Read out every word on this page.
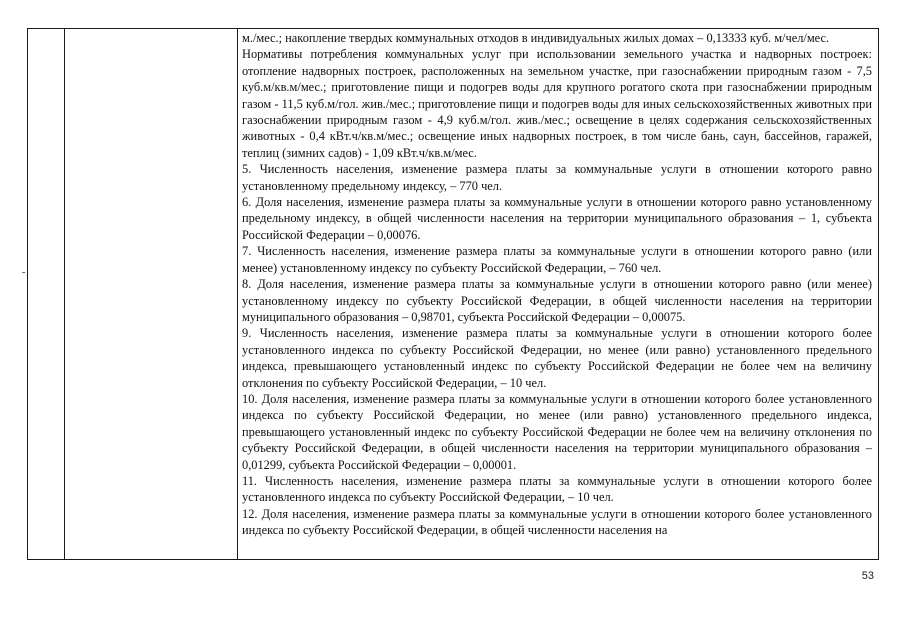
м./мес.; накопление твердых коммунальных отходов в индивидуальных жилых домах – 0,13333 куб. м/чел/мес.

Нормативы потребления коммунальных услуг при использовании земельного участка и надворных построек: отопление надворных построек, расположенных на земельном участке, при газоснабжении природным газом - 7,5 куб.м/кв.м/мес.; приготовление пищи и подогрев воды для крупного рогатого скота при газоснабжении природным газом - 11,5 куб.м/гол. жив./мес.; приготовление пищи и подогрев воды для иных сельскохозяйственных животных при газоснабжении природным газом - 4,9 куб.м/гол. жив./мес.; освещение в целях содержания сельскохозяйственных животных - 0,4 кВт.ч/кв.м/мес.; освещение иных надворных построек, в том числе бань, саун, бассейнов, гаражей, теплиц (зимних садов) - 1,09 кВт.ч/кв.м/мес.

5. Численность населения, изменение размера платы за коммунальные услуги в отношении которого равно установленному предельному индексу, – 770 чел.

6. Доля населения, изменение размера платы за коммунальные услуги в отношении которого равно установленному предельному индексу, в общей численности населения на территории муниципального образования – 1, субъекта Российской Федерации – 0,00076.

7. Численность населения, изменение размера платы за коммунальные услуги в отношении которого равно (или менее) установленному индексу по субъекту Российской Федерации, – 760 чел.

8. Доля населения, изменение размера платы за коммунальные услуги в отношении которого равно (или менее) установленному индексу по субъекту Российской Федерации, в общей численности населения на территории муниципального образования – 0,98701, субъекта Российской Федерации – 0,00075.

9. Численность населения, изменение размера платы за коммунальные услуги в отношении которого более установленного индекса по субъекту Российской Федерации, но менее (или равно) установленного предельного индекса, превышающего установленный индекс по субъекту Российской Федерации не более чем на величину отклонения по субъекту Российской Федерации, – 10 чел.

10. Доля населения, изменение размера платы за коммунальные услуги в отношении которого более установленного индекса по субъекту Российской Федерации, но менее (или равно) установленного предельного индекса, превышающего установленный индекс по субъекту Российской Федерации не более чем на величину отклонения по субъекту Российской Федерации, в общей численности населения на территории муниципального образования – 0,01299, субъекта Российской Федерации – 0,00001.

11. Численность населения, изменение размера платы за коммунальные услуги в отношении которого более установленного индекса по субъекту Российской Федерации, – 10 чел.

12. Доля населения, изменение размера платы за коммунальные услуги в отношении которого более установленного индекса по субъекту Российской Федерации, в общей численности населения на

-
53
